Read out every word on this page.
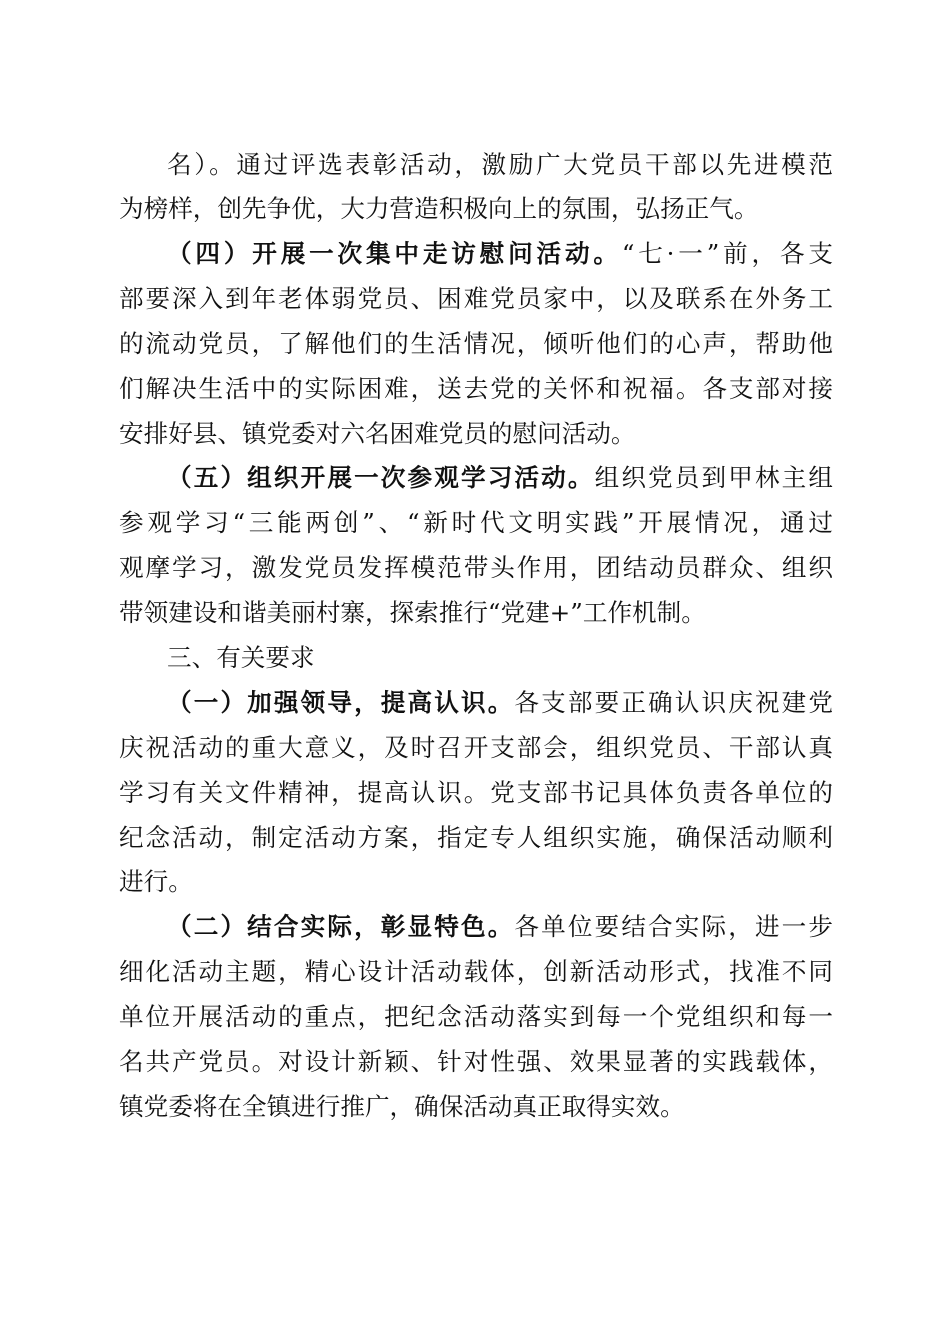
名）。通过评选表彰活动，激励广大党员干部以先进模范
为榜样，创先争优，大力营造积极向上的氛围，弘扬正气。
（四）开展一次集中走访慰问活动。“七·一”前，各支
部要深入到年老体弱党员、困难党员家中，以及联系在外务工
的流动党员，了解他们的生活情况，倾听他们的心声，帮助他
们解决生活中的实际困难，送去党的关怀和祝福。各支部对接
安排好县、镇党委对六名困难党员的慰问活动。
（五）组织开展一次参观学习活动。组织党员到甲林主组
参观学习“三能两创”、“新时代文明实践”开展情况，通过
观摩学习，激发党员发挥模范带头作用，团结动员群众、组织
带领建设和谐美丽村寨，探索推行“党建+”工作机制。
三、有关要求
（一）加强领导，提高认识。各支部要正确认识庆祝建党
庆祝活动的重大意义，及时召开支部会，组织党员、干部认真
学习有关文件精神，提高认识。党支部书记具体负责各单位的
纪念活动，制定活动方案，指定专人组织实施，确保活动顺利
进行。
（二）结合实际，彰显特色。各单位要结合实际，进一步
细化活动主题，精心设计活动载体，创新活动形式，找准不同
单位开展活动的重点，把纪念活动落实到每一个党组织和每一
名共产党员。对设计新颖、针对性强、效果显著的实践载体，
镇党委将在全镇进行推广，确保活动真正取得实效。
